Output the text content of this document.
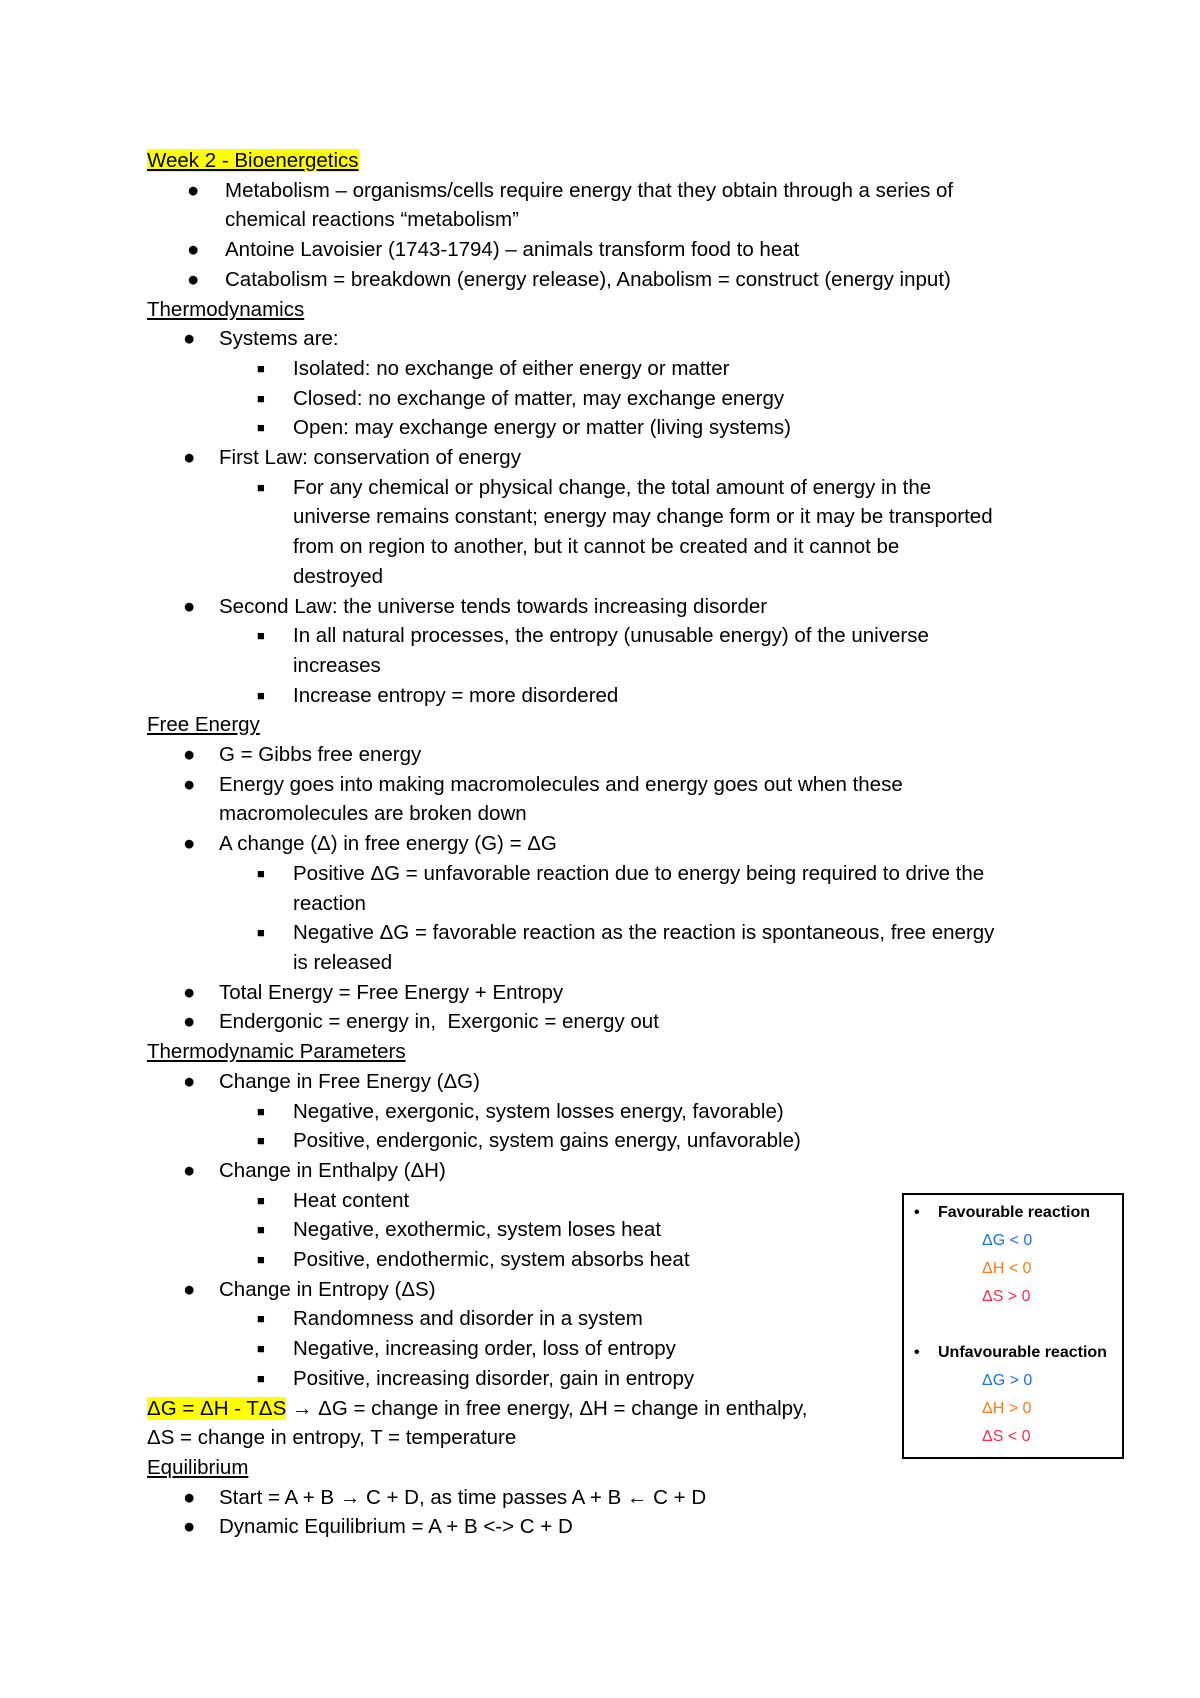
Week 2 - Bioenergetics
● Metabolism – organisms/cells require energy that they obtain through a series of
chemical reactions “metabolism”
● Antoine Lavoisier (1743-1794) – animals transform food to heat
● Catabolism = breakdown (energy release), Anabolism = construct (energy input)
Thermodynamics
● Systems are:
■ Isolated: no exchange of either energy or matter
■ Closed: no exchange of matter, may exchange energy
■ Open: may exchange energy or matter (living systems)
● First Law: conservation of energy
■ For any chemical or physical change, the total amount of energy in the
universe remains constant; energy may change form or it may be transported
from on region to another, but it cannot be created and it cannot be
destroyed
● Second Law: the universe tends towards increasing disorder
■ In all natural processes, the entropy (unusable energy) of the universe
increases
■ Increase entropy = more disordered
Free Energy
● G = Gibbs free energy
● Energy goes into making macromolecules and energy goes out when these
macromolecules are broken down
● A change (Δ) in free energy (G) = ΔG
■ Positive ΔG = unfavorable reaction due to energy being required to drive the
reaction
■ Negative ΔG = favorable reaction as the reaction is spontaneous, free energy
is released
● Total Energy = Free Energy + Entropy
● Endergonic = energy in,  Exergonic = energy out
Thermodynamic Parameters
● Change in Free Energy (ΔG)
■ Negative, exergonic, system losses energy, favorable)
■ Positive, endergonic, system gains energy, unfavorable)
● Change in Enthalpy (ΔH)
■ Heat content
■ Negative, exothermic, system loses heat
■ Positive, endothermic, system absorbs heat
● Change in Entropy (ΔS)
■ Randomness and disorder in a system
■ Negative, increasing order, loss of entropy
■ Positive, increasing disorder, gain in entropy
ΔG = ΔH - TΔS → ΔG = change in free energy, ΔH = change in enthalpy,
ΔS = change in entropy, T = temperature
Equilibrium
● Start = A + B → C + D, as time passes A + B ← C + D
● Dynamic Equilibrium = A + B <-> C + D
• Favourable reaction
ΔG < 0
ΔH < 0
ΔS > 0
• Unfavourable reaction
ΔG > 0
ΔH > 0
ΔS < 0
